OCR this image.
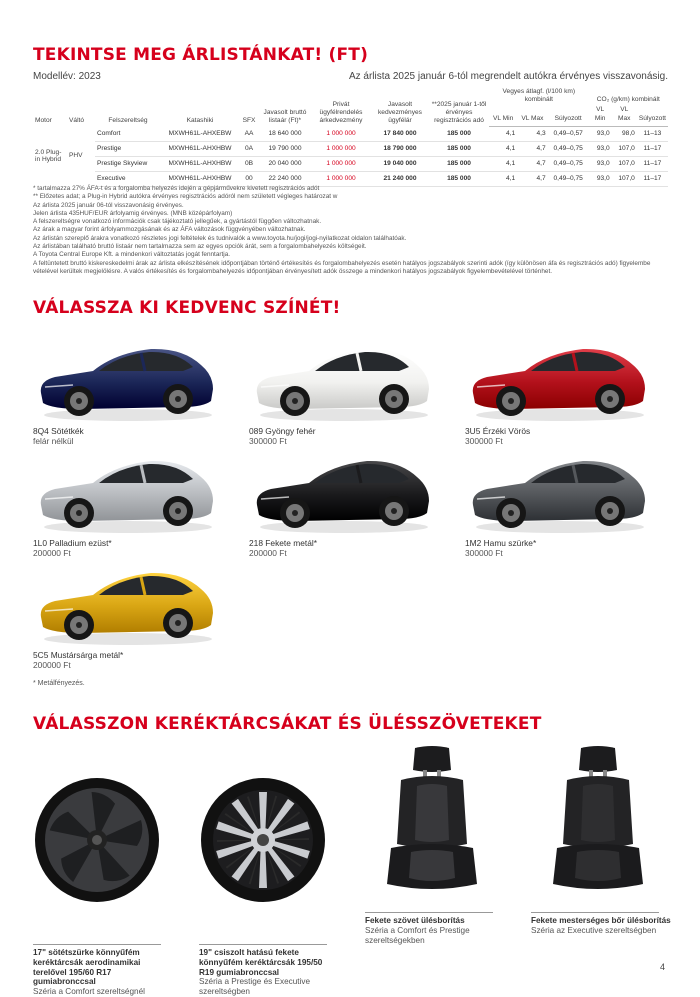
TEKINTSE MEG ÁRLISTÁNKAT! (FT)
Modellév: 2023	Az árlista 2025 január 6-tól megrendelt autókra érvényes visszavonásig.
Motor	Váltó	Felszereltség	Katashiki	SFX	Javasolt bruttó listaár (Ft)*	Privát ügyfélrendelés árkedvezmény	Javasolt kedvezményes ügyfélár	**2025 január 1-től érvényes regisztrációs adó	Vegyes átlagf. (l/100 km) kombinált			CO₂ (g/km) kombinált		
									VL Min	VL Max	Súlyozott	VL Min	VL Max	Súlyozott
2.0 Plug-in Hybrid	PHV	Comfort	MXWH61L-AHXEBW	AA	18 640 000	1 000 000	17 840 000	185 000	4,1	4,3	0,49–0,57	93,0	98,0	11–13
		Prestige	MXWH61L-AHXHBW	0A	19 790 000	1 000 000	18 790 000	185 000	4,1	4,7	0,49–0,75	93,0	107,0	11–17
		Prestige Skyview	MXWH61L-AHXHBW	0B	20 040 000	1 000 000	19 040 000	185 000	4,1	4,7	0,49–0,75	93,0	107,0	11–17
		Executive	MXWH61L-AHXHBW	00	22 240 000	1 000 000	21 240 000	185 000	4,1	4,7	0,49–0,75	93,0	107,0	11–17
* tartalmazza 27% ÁFA-t és a forgalomba helyezés idején a gépjárművekre kivetett regisztrációs adót
** Előzetes adat; a Plug-in Hybrid autókra érvényes regisztrációs adóról nem született végleges határozat w
Az árlista 2025 január 06-tól visszavonásig érvényes.
Jelen árlista 435HUF/EUR árfolyamig érvényes. (MNB középárfolyam)
A felszereltségre vonatkozó információk csak tájékoztató jellegűek, a gyártástól függően változhatnak.
Az árak a magyar forint árfolyammozgásának és az ÁFA változások függvényében változhatnak.
Az árlistán szereplő árakra vonatkozó részletes jogi feltételek és tudnivalók a www.toyota.hu/jogi/jogi-nyilatkozat oldalon találhatóak.
Az árlistában található bruttó listaár nem tartalmazza sem az egyes opciók árát, sem a forgalombahelyezés költségeit.
A Toyota Central Europe Kft. a mindenkori változtatás jogát fenntartja.
A feltüntetett bruttó kiskereskedelmi árak az árlista elkészítésének időpontjában történő értékesítés és forgalombahelyezés esetén hatályos jogszabályok szerinti adók (így különösen áfa és regisztrációs adó) figyelembe vételével kerültek megjelölésre. A valós értékesítés és forgalombahelyezés időpontjában érvényesített adók összege a mindenkori hatályos jogszabályok figyelembevételével történhet.
VÁLASSZA KI KEDVENC SZÍNÉT!
8Q4 Sötétkék
felár nélkül
089 Gyöngy fehér
300000 Ft
3U5 Érzéki Vörös
300000 Ft
1L0 Palladium ezüst*
200000 Ft
218 Fekete metál*
200000 Ft
1M2 Hamu szürke*
300000 Ft
5C5 Mustársárga metál*
200000 Ft
* Metálfényezés.
VÁLASSZON KERÉKTÁRCSÁKAT ÉS ÜLÉSSZÖVETEKET
17" sötétszürke könnyűfém keréktárcsák aerodinamikai terelővel 195/60 R17 gumiabronccsal
Széria a Comfort szereltségnél
19" csiszolt hatású fekete könnyűfém keréktárcsák 195/50 R19 gumiabronccsal
Széria a Prestige és Executive szereltségben
Fekete szövet ülésborítás
Széria a Comfort és Prestige szereltségekben
Fekete mesterséges bőr ülésborítás
Széria az Executive szereltségben
4
